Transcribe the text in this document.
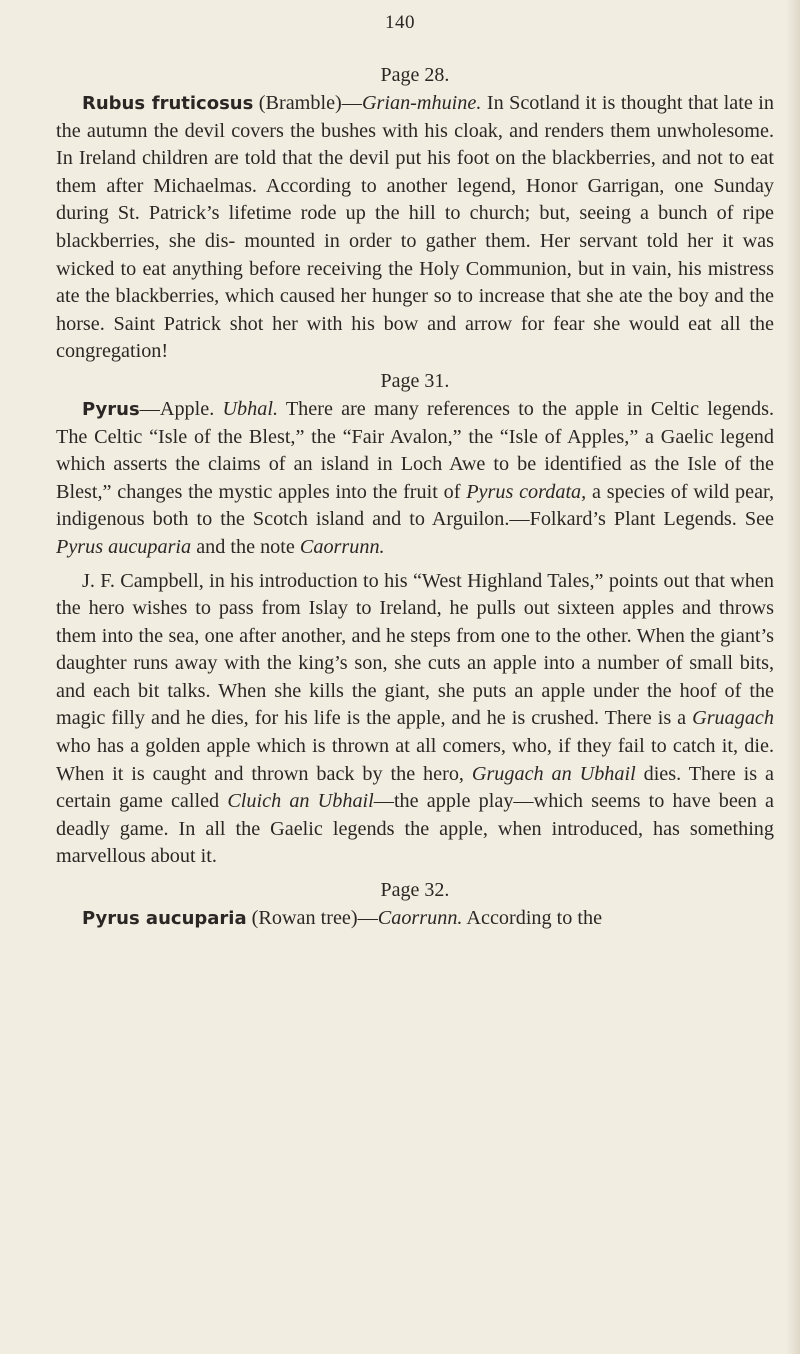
140
Page 28.

Rubus fruticosus (Bramble)—Grian-mhuine. In Scotland it is thought that late in the autumn the devil covers the bushes with his cloak, and renders them unwholesome. In Ireland children are told that the devil put his foot on the blackberries, and not to eat them after Michaelmas. According to another legend, Honor Garrigan, one Sunday during St. Patrick’s lifetime rode up the hill to church; but, seeing a bunch of ripe blackberries, she dis- mounted in order to gather them. Her servant told her it was wicked to eat anything before receiving the Holy Communion, but in vain, his mistress ate the blackberries, which caused her hunger so to increase that she ate the boy and the horse. Saint Patrick shot her with his bow and arrow for fear she would eat all the congregation!

Page 31.

Pyrus—Apple. Ubhal. There are many references to the apple in Celtic legends. The Celtic “Isle of the Blest,” the “Fair Avalon,” the “Isle of Apples,” a Gaelic legend which asserts the claims of an island in Loch Awe to be identified as the Isle of the Blest,” changes the mystic apples into the fruit of Pyrus cordata, a species of wild pear, indigenous both to the Scotch island and to Arguilon.—Folkard’s Plant Legends. See Pyrus aucuparia and the note Caorrunn.

J. F. Campbell, in his introduction to his “West Highland Tales,” points out that when the hero wishes to pass from Islay to Ireland, he pulls out sixteen apples and throws them into the sea, one after another, and he steps from one to the other. When the giant’s daughter runs away with the king’s son, she cuts an apple into a number of small bits, and each bit talks. When she kills the giant, she puts an apple under the hoof of the magic filly and he dies, for his life is the apple, and he is crushed. There is a Gruagach who has a golden apple which is thrown at all comers, who, if they fail to catch it, die. When it is caught and thrown back by the hero, Grugach an Ubhail dies. There is a certain game called Cluich an Ubhail—the apple play—which seems to have been a deadly game. In all the Gaelic legends the apple, when introduced, has something marvellous about it.

Page 32.

Pyrus aucuparia (Rowan tree)—Caorrunn. According to the
